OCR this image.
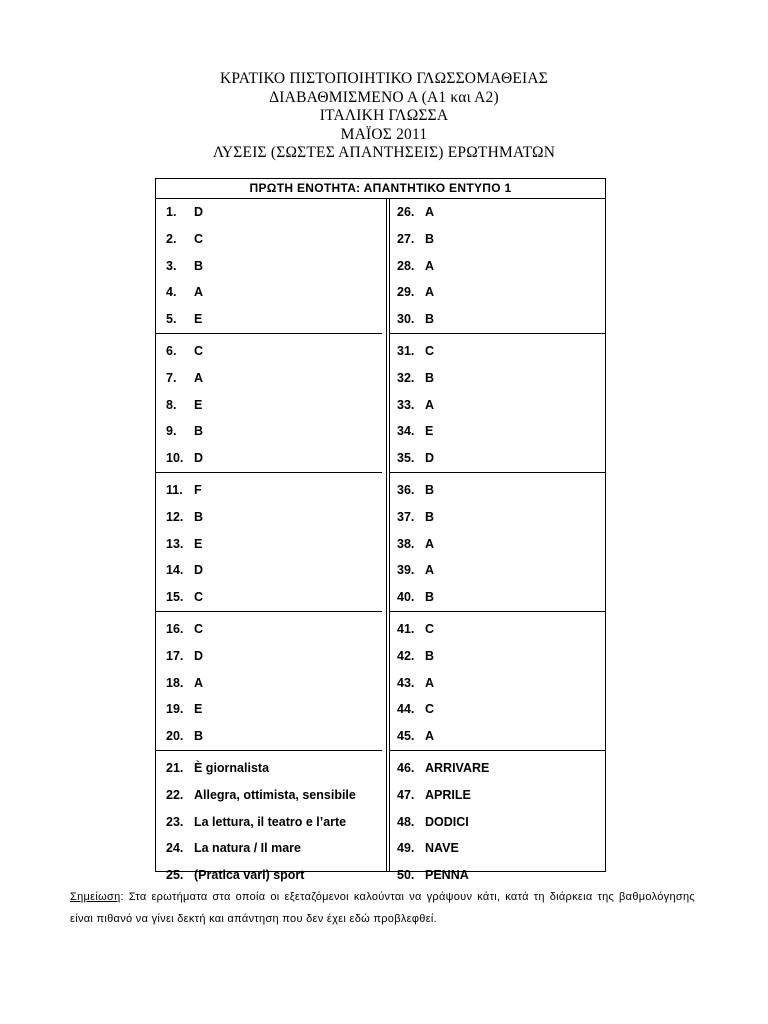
ΚΡΑΤΙΚΟ ΠΙΣΤΟΠΟΙΗΤΙΚΟ ΓΛΩΣΣΟΜΑΘΕΙΑΣ
ΔΙΑΒΑΘΜΙΣΜΕΝΟ Α (Α1 και Α2)
ΙΤΑΛΙΚΗ ΓΛΩΣΣΑ
ΜΑΪΟΣ 2011
ΛΥΣΕΙΣ (ΣΩΣΤΕΣ ΑΠΑΝΤΗΣΕΙΣ) ΕΡΩΤΗΜΑΤΩΝ
ΠΡΩΤΗ ΕΝΟΤΗΤΑ: ΑΠΑΝΤΗΤΙΚΟ ΕΝΤΥΠΟ 1
1. D
2. C
3. B
4. A
5. E
6. C
7. A
8. E
9. B
10. D
11. F
12. B
13. E
14. D
15. C
16. C
17. D
18. A
19. E
20. B
21. È giornalista
22. Allegra, ottimista, sensibile
23. La lettura, il teatro e l’arte
24. La natura / Il mare
25. (Pratica vari) sport
26. A
27. B
28. A
29. A
30. B
31. C
32. B
33. A
34. E
35. D
36. B
37. B
38. A
39. A
40. B
41. C
42. B
43. A
44. C
45. A
46. ARRIVARE
47. APRILE
48. DODICI
49. NAVE
50. PENNA
Σημείωση: Στα ερωτήματα στα οποία οι εξεταζόμενοι καλούνται να γράψουν κάτι, κατά τη διάρκεια της βαθμολόγησης είναι πιθανό να γίνει δεκτή και απάντηση που δεν έχει εδώ προβλεφθεί.
